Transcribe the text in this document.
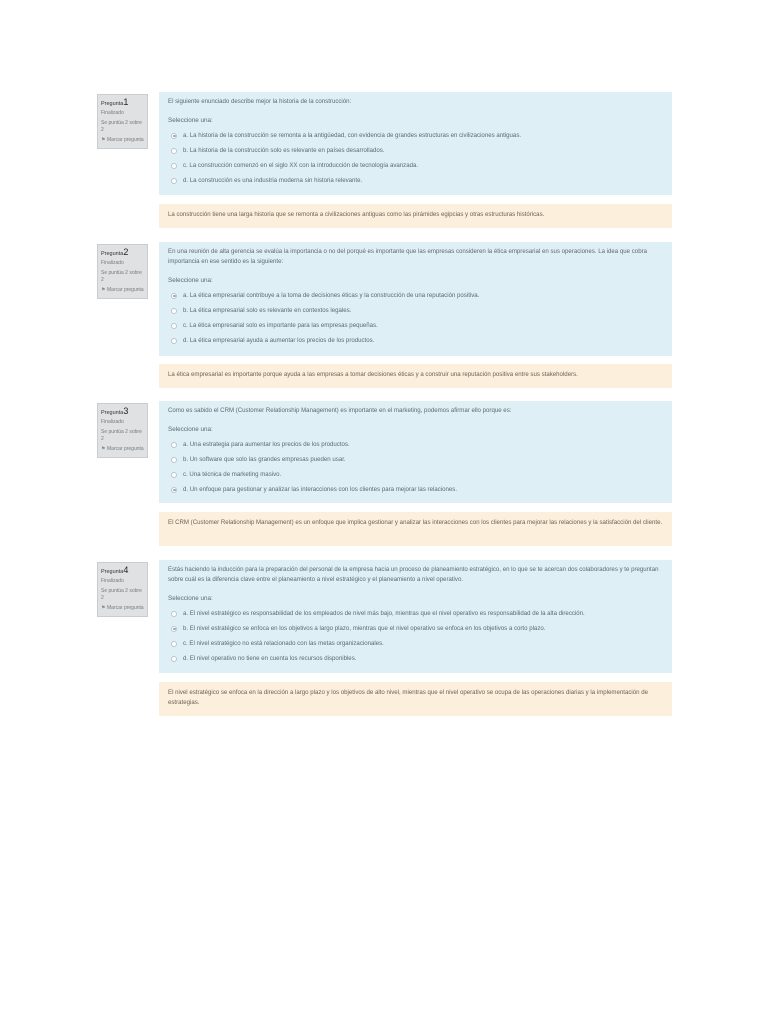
Pregunta1
Finalizado
Se puntúa 2 sobre 2
⚑ Marcar pregunta

El siguiente enunciado describe mejor la historia de la construcción:

Seleccione una:

a. La historia de la construcción se remonta a la antigüedad, con evidencia de grandes estructuras en civilizaciones antiguas.
b. La historia de la construcción solo es relevante en países desarrollados.
c. La construcción comenzó en el siglo XX con la introducción de tecnología avanzada.
d. La construcción es una industria moderna sin historia relevante.
La construcción tiene una larga historia que se remonta a civilizaciones antiguas como las pirámides egipcias y otras estructuras históricas.
Pregunta2
Finalizado
Se puntúa 2 sobre 2
⚑ Marcar pregunta

En una reunión de alta gerencia se evalúa la importancia o no del porqué es importante que las empresas consideren la ética empresarial en sus operaciones. La idea que cobra importancia en ese sentido es la siguiente:

Seleccione una:

a. La ética empresarial contribuye a la toma de decisiones éticas y la construcción de una reputación positiva.
b. La ética empresarial solo es relevante en contextos legales.
c. La ética empresarial solo es importante para las empresas pequeñas.
d. La ética empresarial ayuda a aumentar los precios de los productos.
La ética empresarial es importante porque ayuda a las empresas a tomar decisiones éticas y a construir una reputación positiva entre sus stakeholders.
Pregunta3
Finalizado
Se puntúa 2 sobre 2
⚑ Marcar pregunta

Como es sabido el CRM (Customer Relationship Management) es importante en el marketing, podemos afirmar ello porque es:

Seleccione una:

a. Una estrategia para aumentar los precios de los productos.
b. Un software que solo las grandes empresas pueden usar.
c. Una técnica de marketing masivo.
d. Un enfoque para gestionar y analizar las interacciones con los clientes para mejorar las relaciones.
El CRM (Customer Relationship Management) es un enfoque que implica gestionar y analizar las interacciones con los clientes para mejorar las relaciones y la satisfacción del cliente.
Pregunta4
Finalizado
Se puntúa 2 sobre 2
⚑ Marcar pregunta

Estás haciendo la inducción para la preparación del personal de la empresa hacia un proceso de planeamiento estratégico, en lo que se te acercan dos colaboradores y te preguntan sobre cuál es la diferencia clave entre el planeamiento a nivel estratégico y el planeamiento a nivel operativo.

Seleccione una:

a. El nivel estratégico es responsabilidad de los empleados de nivel más bajo, mientras que el nivel operativo es responsabilidad de la alta dirección.
b. El nivel estratégico se enfoca en los objetivos a largo plazo, mientras que el nivel operativo se enfoca en los objetivos a corto plazo.
c. El nivel estratégico no está relacionado con las metas organizacionales.
d. El nivel operativo no tiene en cuenta los recursos disponibles.
El nivel estratégico se enfoca en la dirección a largo plazo y los objetivos de alto nivel, mientras que el nivel operativo se ocupa de las operaciones diarias y la implementación de estrategias.
